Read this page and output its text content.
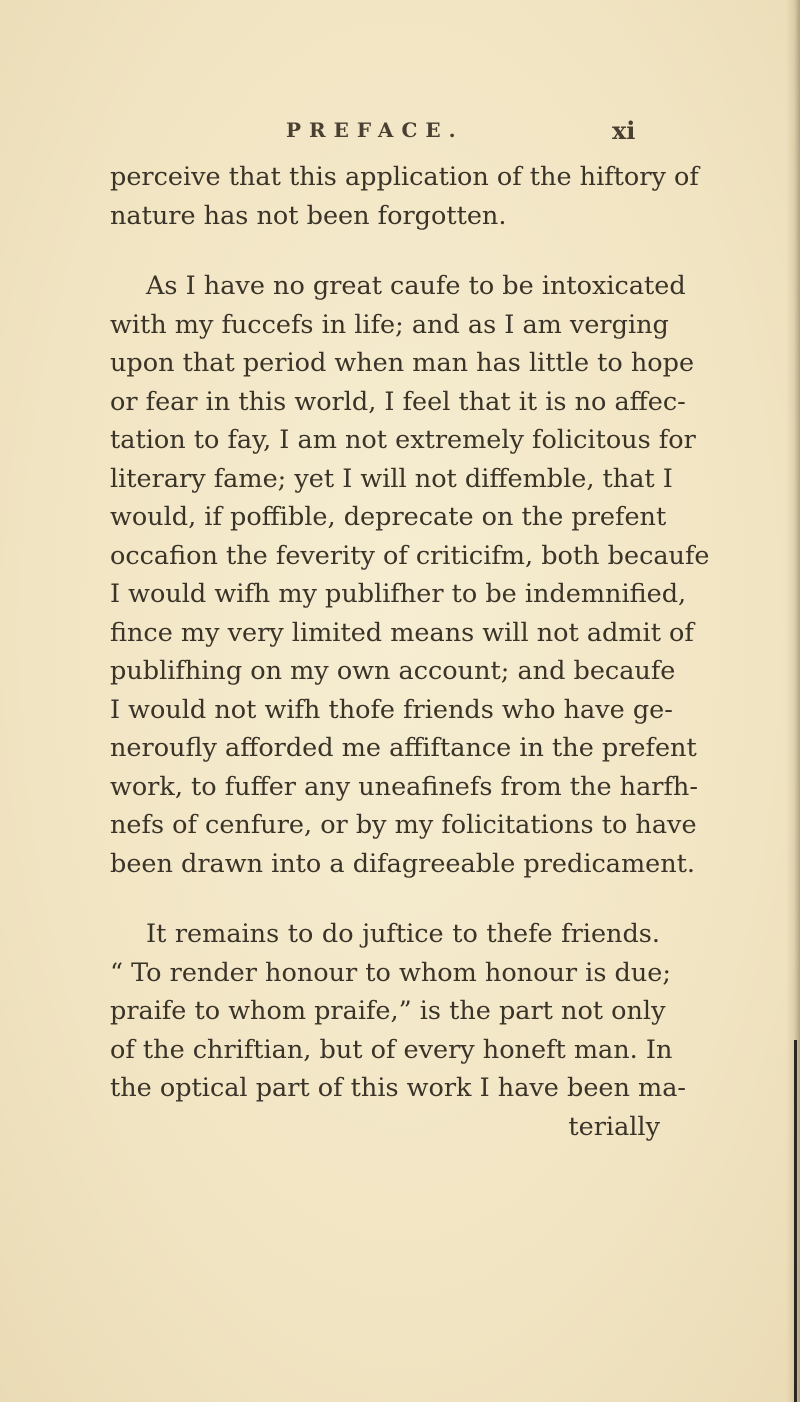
PREFACE.	xi
perceive that this application of the hiftory of
nature has not been forgotten.
As I have no great caufe to be intoxicated
with my fuccefs in life; and as I am verging
upon that period when man has little to hope
or fear in this world, I feel that it is no affec-
tation to fay, I am not extremely folicitous for
literary fame; yet I will not diffemble, that I
would, if poffible, deprecate on the prefent
occafion the feverity of criticifm, both becaufe
I would wifh my publifher to be indemnified,
fince my very limited means will not admit of
publifhing on my own account; and becaufe
I would not wifh thofe friends who have ge-
neroufly afforded me affiftance in the prefent
work, to fuffer any uneafinefs from the harfh-
nefs of cenfure, or by my folicitations to have
been drawn into a difagreeable predicament.
It remains to do juftice to thefe friends.
“ To render honour to whom honour is due;
praife to whom praife,” is the part not only
of the chriftian, but of every honeft man. In
the optical part of this work I have been ma-
terially
